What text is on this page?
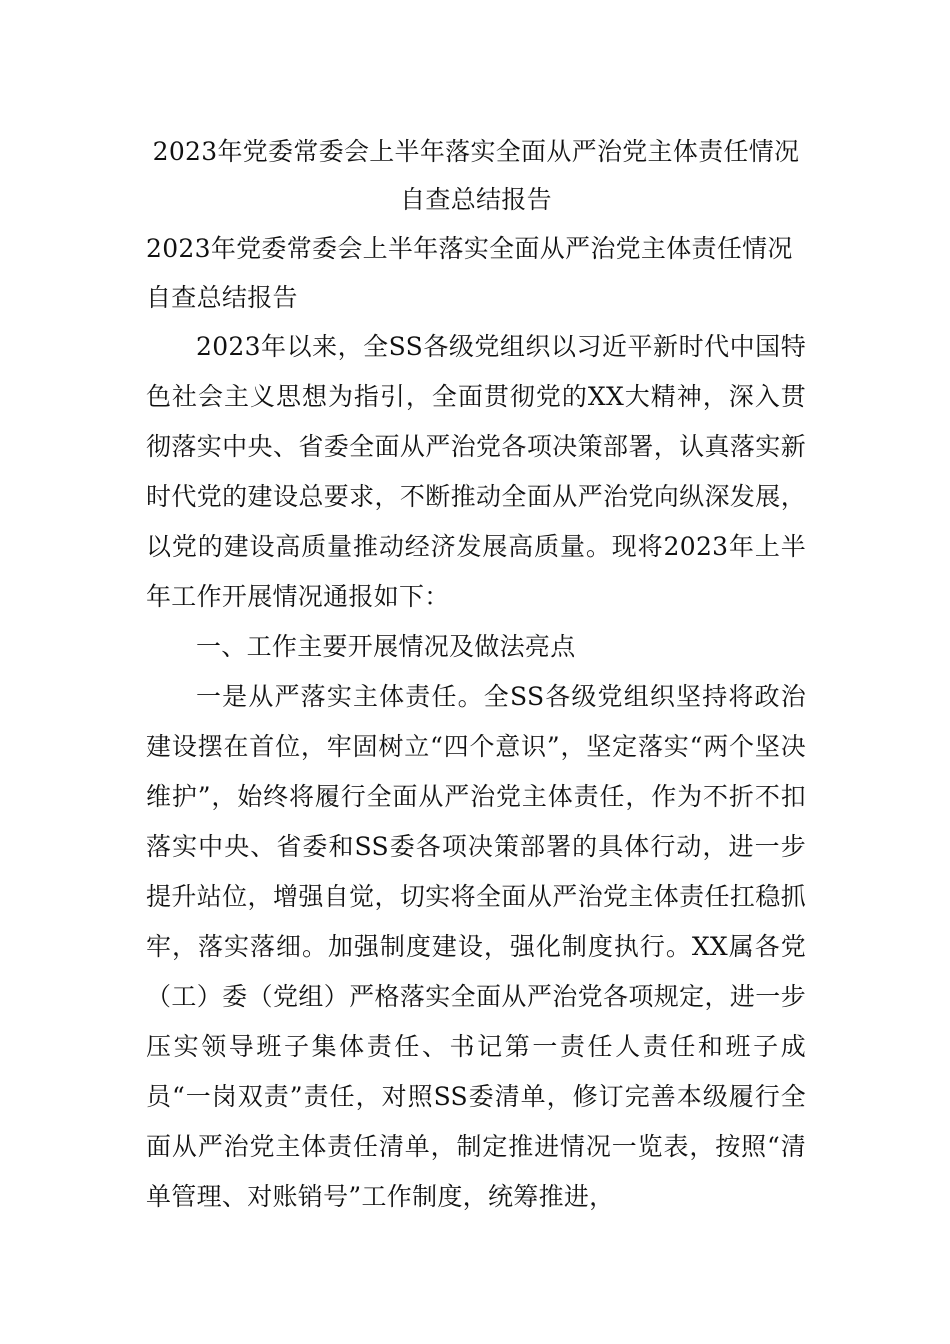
2023年党委常委会上半年落实全面从严治党主体责任情况自查总结报告

2023年党委常委会上半年落实全面从严治党主体责任情况自查总结报告

2023年以来，全SS各级党组织以习近平新时代中国特色社会主义思想为指引，全面贯彻党的XX大精神，深入贯彻落实中央、省委全面从严治党各项决策部署，认真落实新时代党的建设总要求，不断推动全面从严治党向纵深发展，以党的建设高质量推动经济发展高质量。现将2023年上半年工作开展情况通报如下：

一、工作主要开展情况及做法亮点

一是从严落实主体责任。全SS各级党组织坚持将政治建设摆在首位，牢固树立“四个意识”，坚定落实“两个坚决维护”，始终将履行全面从严治党主体责任，作为不折不扣落实中央、省委和SS委各项决策部署的具体行动，进一步提升站位，增强自觉，切实将全面从严治党主体责任扛稳抓牢，落实落细。加强制度建设，强化制度执行。XX属各党（工）委（党组）严格落实全面从严治党各项规定，进一步压实领导班子集体责任、书记第一责任人责任和班子成员“一岗双责”责任，对照SS委清单，修订完善本级履行全面从严治党主体责任清单，制定推进情况一览表，按照“清单管理、对账销号”工作制度，统筹推进，
